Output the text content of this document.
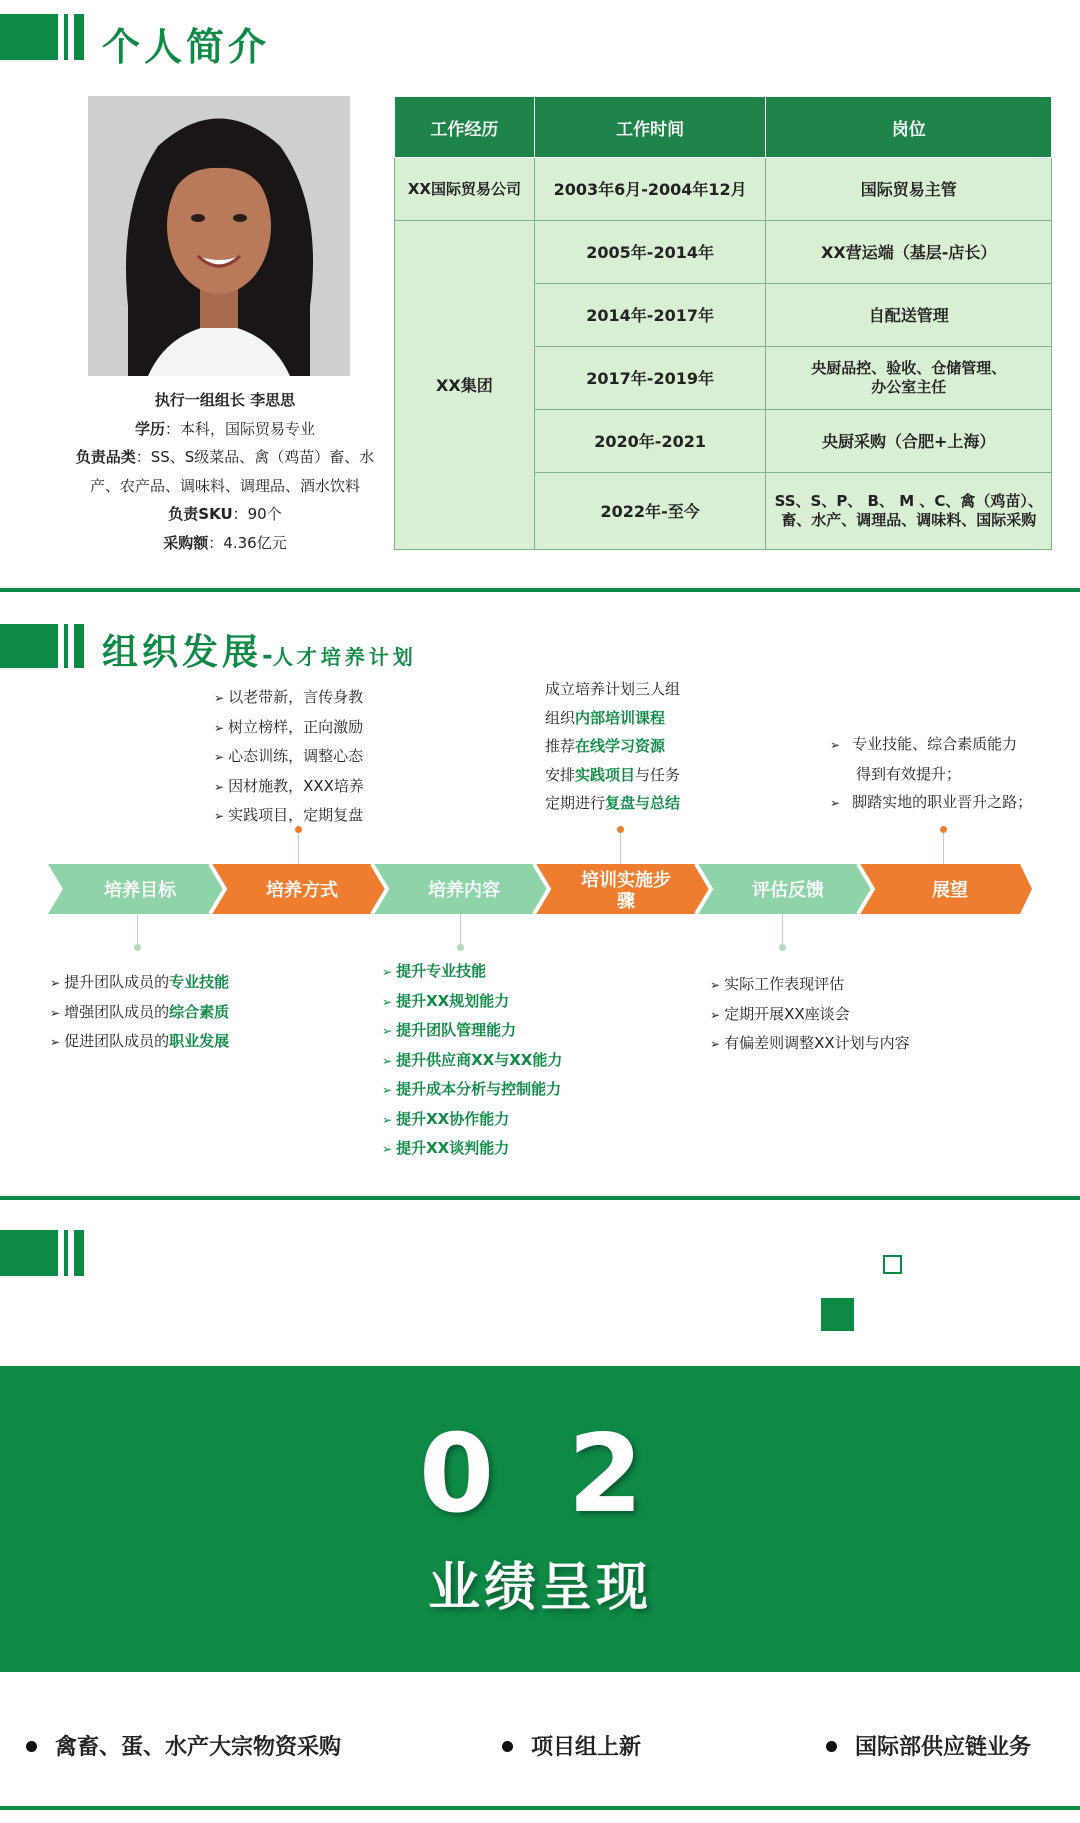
个人简介
执行一组组长 李思思
学历：本科，国际贸易专业
负责品类：SS、S级菜品、禽（鸡苗）畜、水
产、农产品、调味料、调理品、酒水饮料
负责SKU：90个
采购额：4.36亿元
工作经历	工作时间	岗位
XX国际贸易公司	2003年6月-2004年12月	国际贸易主管
XX集团	2005年-2014年	XX营运端（基层-店长）
	2014年-2017年	自配送管理
	2017年-2019年	央厨品控、验收、仓储管理、
办公室主任

	2020年-2021	央厨采购（合肥+上海）
	2022年-至今	SS、S、P、 B、 M 、C、禽（鸡苗）、
畜、水产、调理品、调味料、国际采购
组织发展-人才培养计划
➢ 以老带新，言传身教
➢ 树立榜样，正向激励
➢ 心态训练，调整心态
➢ 因材施教，XXX培养
➢ 实践项目，定期复盘
成立培养计划三人组
组织内部培训课程
推荐在线学习资源
安排实践项目与任务
定期进行复盘与总结
➢ 专业技能、综合素质能力
得到有效提升；
➢ 脚踏实地的职业晋升之路；
培养目标	培养方式	培养内容	培训实施步
骤
评估反馈	展望
➢ 提升团队成员的专业技能
➢ 增强团队成员的综合素质
➢ 促进团队成员的职业发展
➢ 提升专业技能
➢ 提升XX规划能力
➢ 提升团队管理能力
➢ 提升供应商XX与XX能力
➢ 提升成本分析与控制能力
➢ 提升XX协作能力
➢ 提升XX谈判能力
➢ 实际工作表现评估
➢ 定期开展XX座谈会
➢ 有偏差则调整XX计划与内容
0 2
业绩呈现
禽畜、蛋、水产大宗物资采购	项目组上新	国际部供应链业务
